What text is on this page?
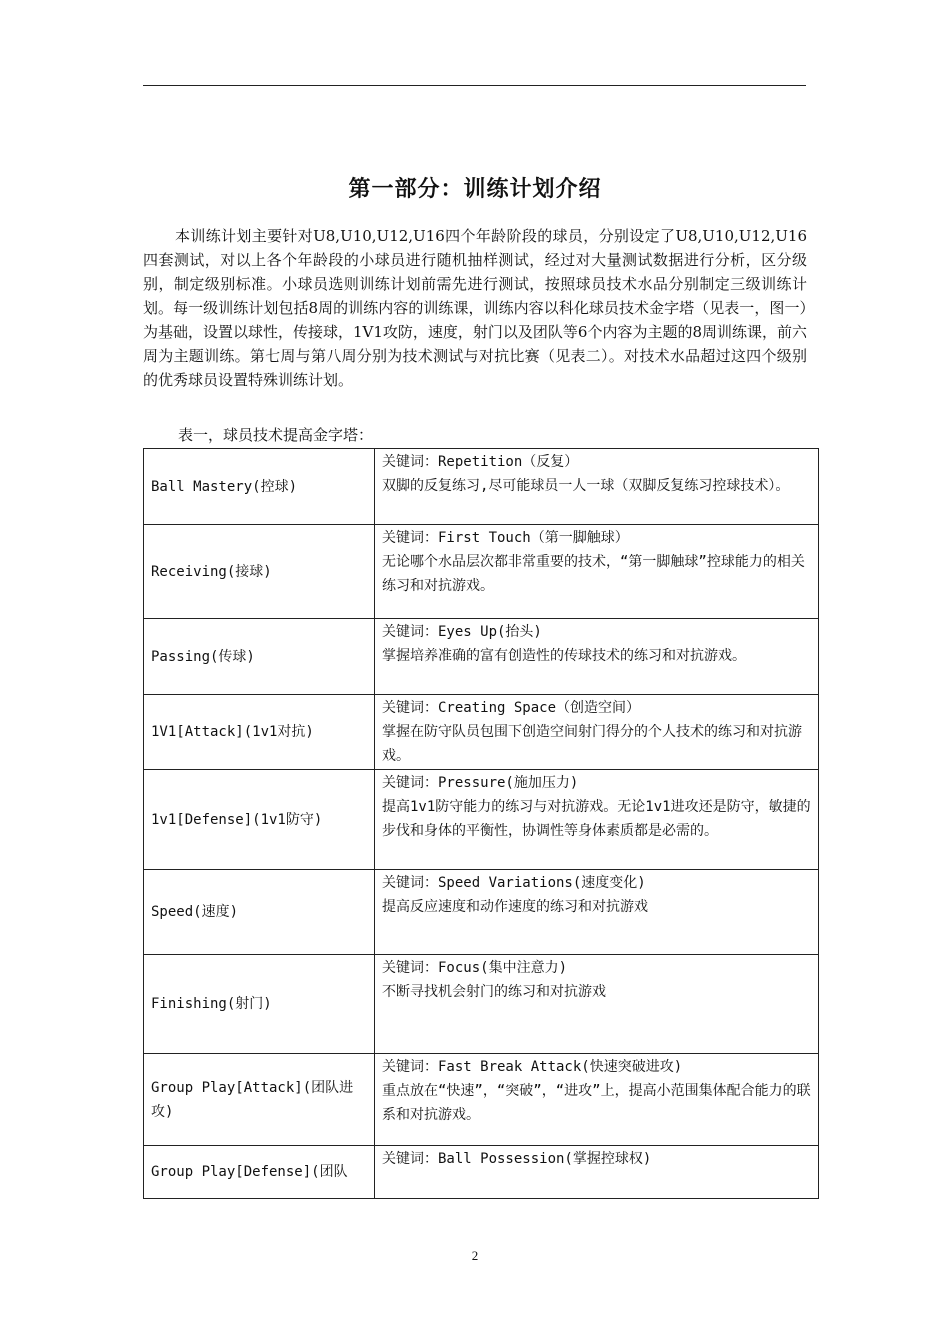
第一部分：训练计划介绍

本训练计划主要针对U8,U10,U12,U16四个年龄阶段的球员，分别设定了U8,U10,U12,U16四套测试，对以上各个年龄段的小球员进行随机抽样测试，经过对大量测试数据进行分析，区分级别，制定级别标准。小球员选则训练计划前需先进行测试，按照球员技术水品分别制定三级训练计划。每一级训练计划包括8周的训练内容的训练课，训练内容以科化球员技术金字塔（见表一，图一）为基础，设置以球性，传接球，1V1攻防，速度，射门以及团队等6个内容为主题的8周训练课，前六周为主题训练。第七周与第八周分别为技术测试与对抗比赛（见表二）。对技术水品超过这四个级别的优秀球员设置特殊训练计划。

表一，球员技术提高金字塔：
Ball Mastery(控球)	关键词：Repetition（反复）
双脚的反复练习,尽可能球员一人一球（双脚反复练习控球技术）。

Receiving(接球)	关键词：First Touch（第一脚触球）
无论哪个水品层次都非常重要的技术，“第一脚触球”控球能力的相关练习和对抗游戏。

Passing(传球)	关键词：Eyes Up(抬头)
掌握培养准确的富有创造性的传球技术的练习和对抗游戏。

1V1[Attack](1v1对抗)	关键词：Creating Space（创造空间）
掌握在防守队员包围下创造空间射门得分的个人技术的练习和对抗游戏。

1v1[Defense](1v1防守)	关键词：Pressure(施加压力)
提高1v1防守能力的练习与对抗游戏。无论1v1进攻还是防守，敏捷的步伐和身体的平衡性，协调性等身体素质都是必需的。

Speed(速度)	关键词：Speed Variations(速度变化)
提高反应速度和动作速度的练习和对抗游戏

Finishing(射门)	关键词：Focus(集中注意力)
不断寻找机会射门的练习和对抗游戏

Group Play[Attack](团队进攻)	关键词：Fast Break Attack(快速突破进攻)
重点放在“快速”，“突破”，“进攻”上，提高小范围集体配合能力的联系和对抗游戏。

Group Play[Defense](团队	关键词：Ball Possession(掌握控球权)
2
